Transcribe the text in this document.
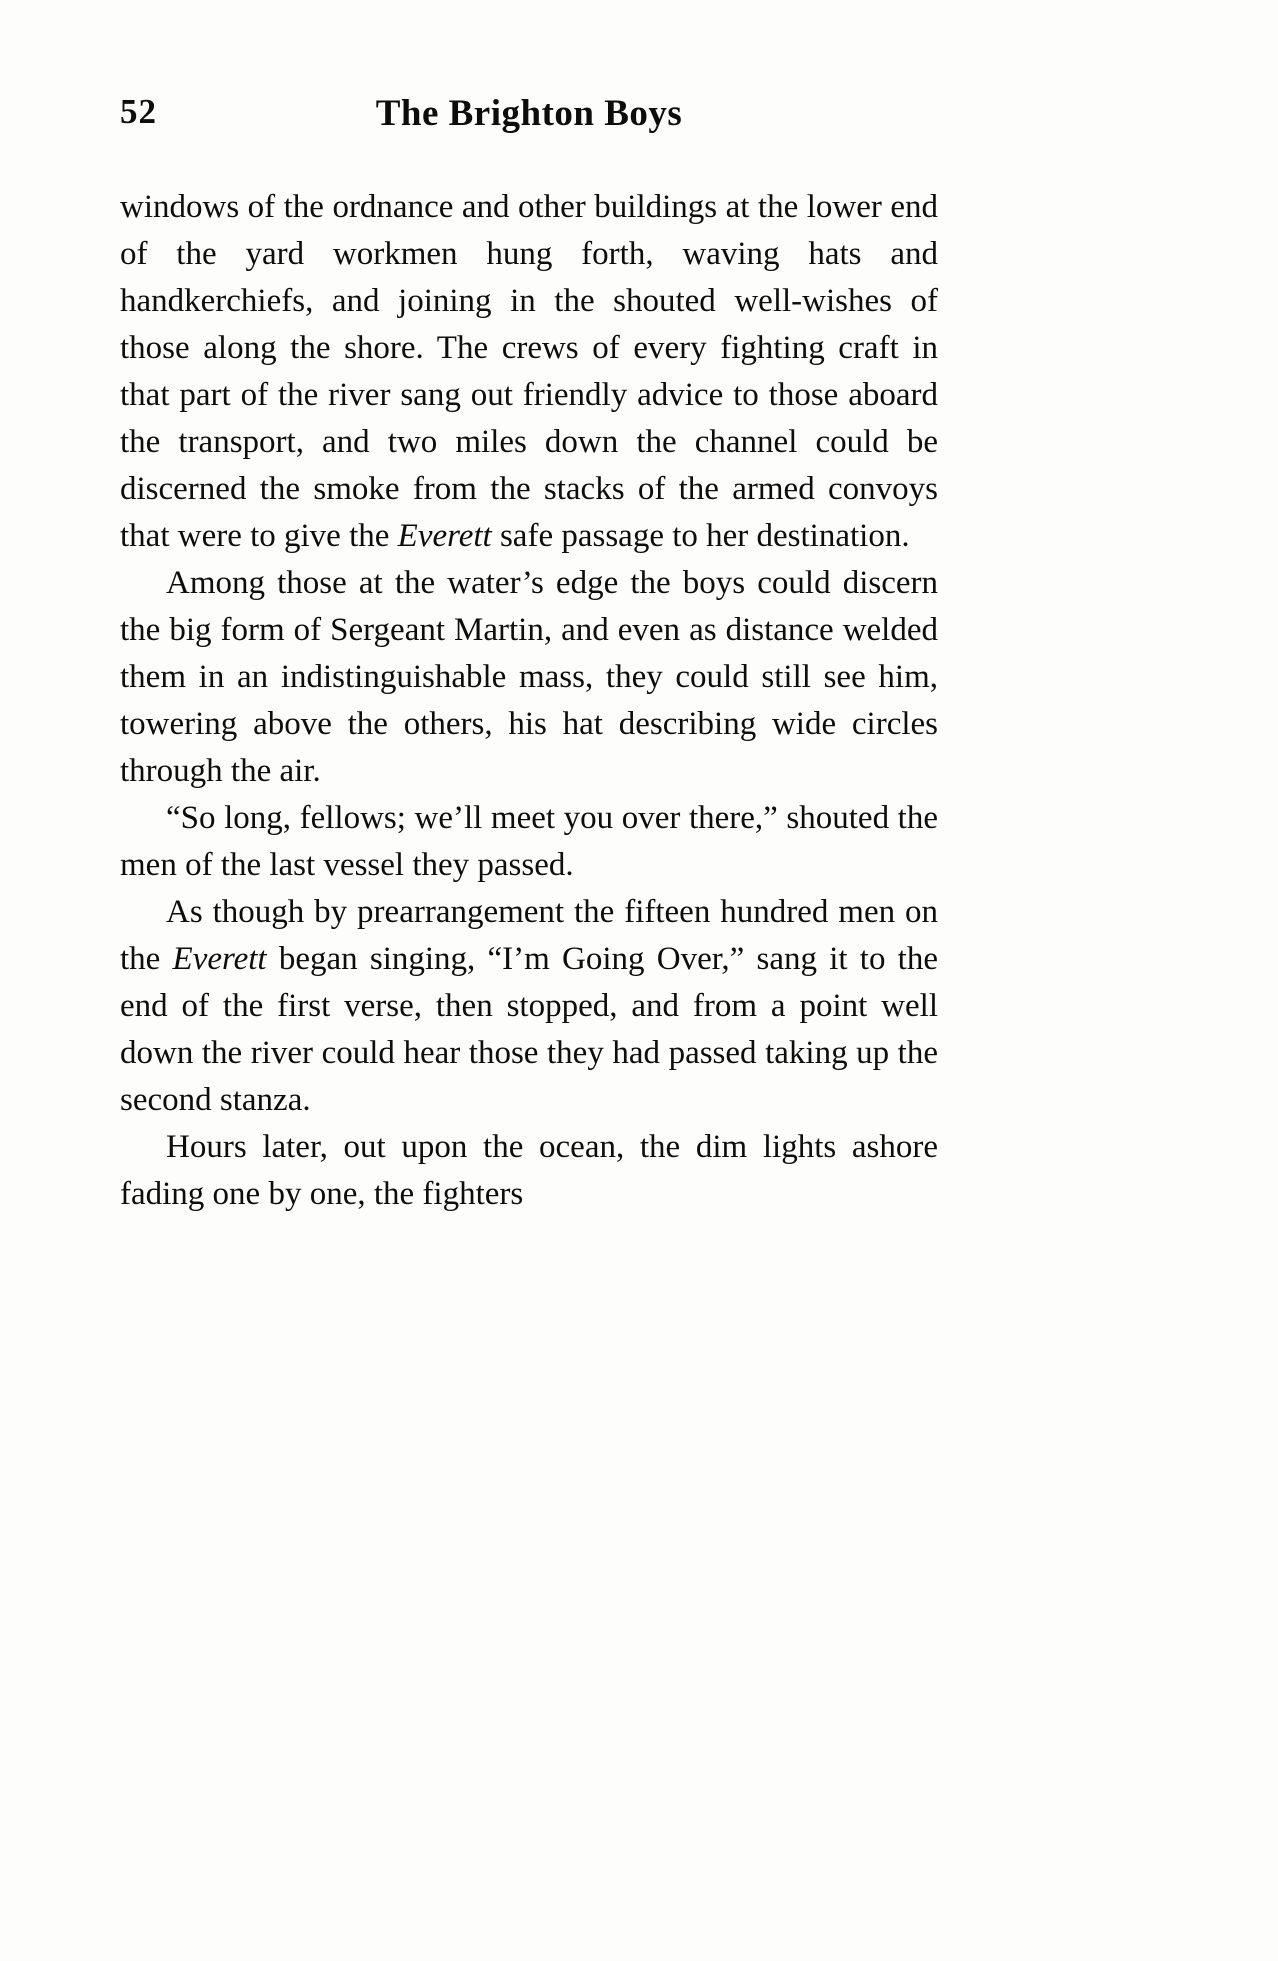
52	The Brighton Boys

windows of the ordnance and other buildings at the lower end of the yard workmen hung forth, waving hats and handkerchiefs, and joining in the shouted well-wishes of those along the shore. The crews of every fighting craft in that part of the river sang out friendly advice to those aboard the transport, and two miles down the channel could be discerned the smoke from the stacks of the armed convoys that were to give the Everett safe passage to her destination.

Among those at the water’s edge the boys could discern the big form of Sergeant Martin, and even as distance welded them in an indistinguishable mass, they could still see him, towering above the others, his hat describing wide circles through the air.

“So long, fellows; we’ll meet you over there,” shouted the men of the last vessel they passed.

As though by prearrangement the fifteen hundred men on the Everett began singing, “I’m Going Over,” sang it to the end of the first verse, then stopped, and from a point well down the river could hear those they had passed taking up the second stanza.

Hours later, out upon the ocean, the dim lights ashore fading one by one, the fighters
